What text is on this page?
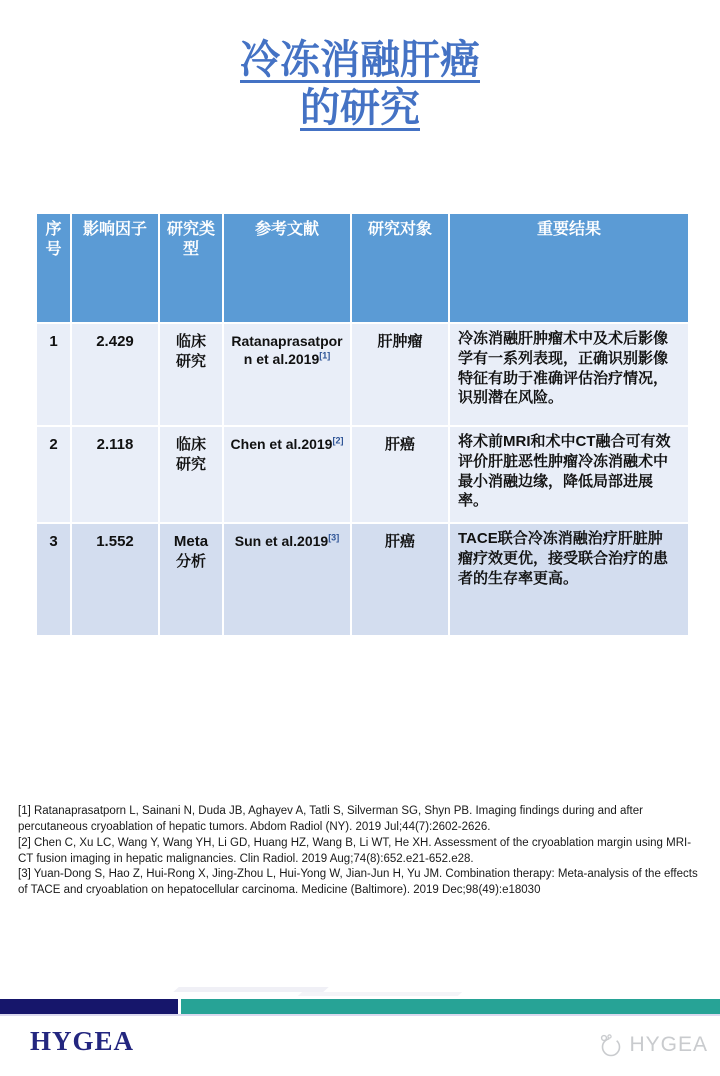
冷冻消融肝癌
的研究
序号	影响因子	研究类型	参考文献	研究对象	重要结果
1	2.429	临床研究	Ratanaprasatporn et al.2019[1]	肝肿瘤	冷冻消融肝肿瘤术中及术后影像学有一系列表现，正确识别影像特征有助于准确评估治疗情况，识别潜在风险。
2	2.118	临床研究	Chen et al.2019[2]	肝癌	将术前MRI和术中CT融合可有效评价肝脏恶性肿瘤冷冻消融术中最小消融边缘，降低局部进展率。
3	1.552	Meta分析	Sun et al.2019[3]	肝癌	TACE联合冷冻消融治疗肝脏肿瘤疗效更优，接受联合治疗的患者的生存率更高。

[1] Ratanaprasatporn L, Sainani N, Duda JB, Aghayev A, Tatli S, Silverman SG, Shyn PB. Imaging findings during and after percutaneous cryoablation of hepatic tumors. Abdom Radiol (NY). 2019 Jul;44(7):2602-2626.

[2] Chen C, Xu LC, Wang Y, Wang YH, Li GD, Huang HZ, Wang B, Li WT, He XH. Assessment of the cryoablation margin using MRI-CT fusion imaging in hepatic malignancies. Clin Radiol. 2019 Aug;74(8):652.e21-652.e28.

[3] Yuan-Dong S, Hao Z, Hui-Rong X, Jing-Zhou L, Hui-Yong W, Jian-Jun H, Yu JM. Combination therapy: Meta-analysis of the effects of TACE and cryoablation on hepatocellular carcinoma. Medicine (Baltimore). 2019 Dec;98(49):e18030

HYGEA	HYGEA
